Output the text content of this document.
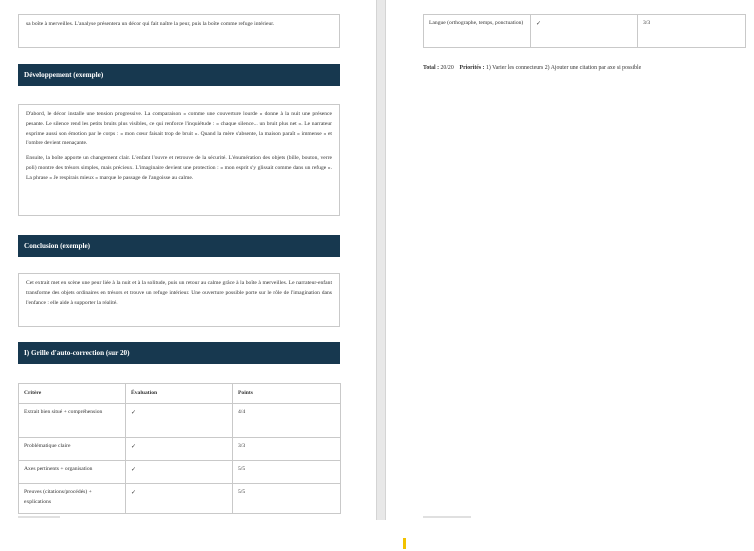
sa boîte à merveilles. L'analyse présentera un décor qui fait naître la peur, puis la boîte comme refuge intérieur.

Développement (exemple)

D'abord, le décor installe une tension progressive. La comparaison « comme une couverture lourde » donne à la nuit une présence pesante. Le silence rend les petits bruits plus visibles, ce qui renforce l'inquiétude : « chaque silence... un bruit plus net ». Le narrateur exprime aussi son émotion par le corps : « mon cœur faisait trop de bruit ». Quand la mère s'absente, la maison paraît « immense » et l'ombre devient menaçante.

Ensuite, la boîte apporte un changement clair. L'enfant l'ouvre et retrouve de la sécurité. L'énumération des objets (bille, bouton, verre poli) montre des trésors simples, mais précieux. L'imaginaire devient une protection : « mon esprit s'y glissait comme dans un refuge ». La phrase « Je respirais mieux » marque le passage de l'angoisse au calme.

Conclusion (exemple)

Cet extrait met en scène une peur liée à la nuit et à la solitude, puis un retour au calme grâce à la boîte à merveilles. Le narrateur-enfant transforme des objets ordinaires en trésors et trouve un refuge intérieur. Une ouverture possible porte sur le rôle de l'imagination dans l'enfance : elle aide à supporter la réalité.

I) Grille d'auto-correction (sur 20)
Critère	Évaluation	Points
Extrait bien situé + compréhension	✓	4/4
Problématique claire	✓	3/3
Axes pertinents + organisation	✓	5/5
Preuves (citations/procédés) + explications	✓	5/5
Langue (orthographe, temps, ponctuation)	✓	3/3
Total : 20/20 Priorités : 1) Varier les connecteurs 2) Ajouter une citation par axe si possible
